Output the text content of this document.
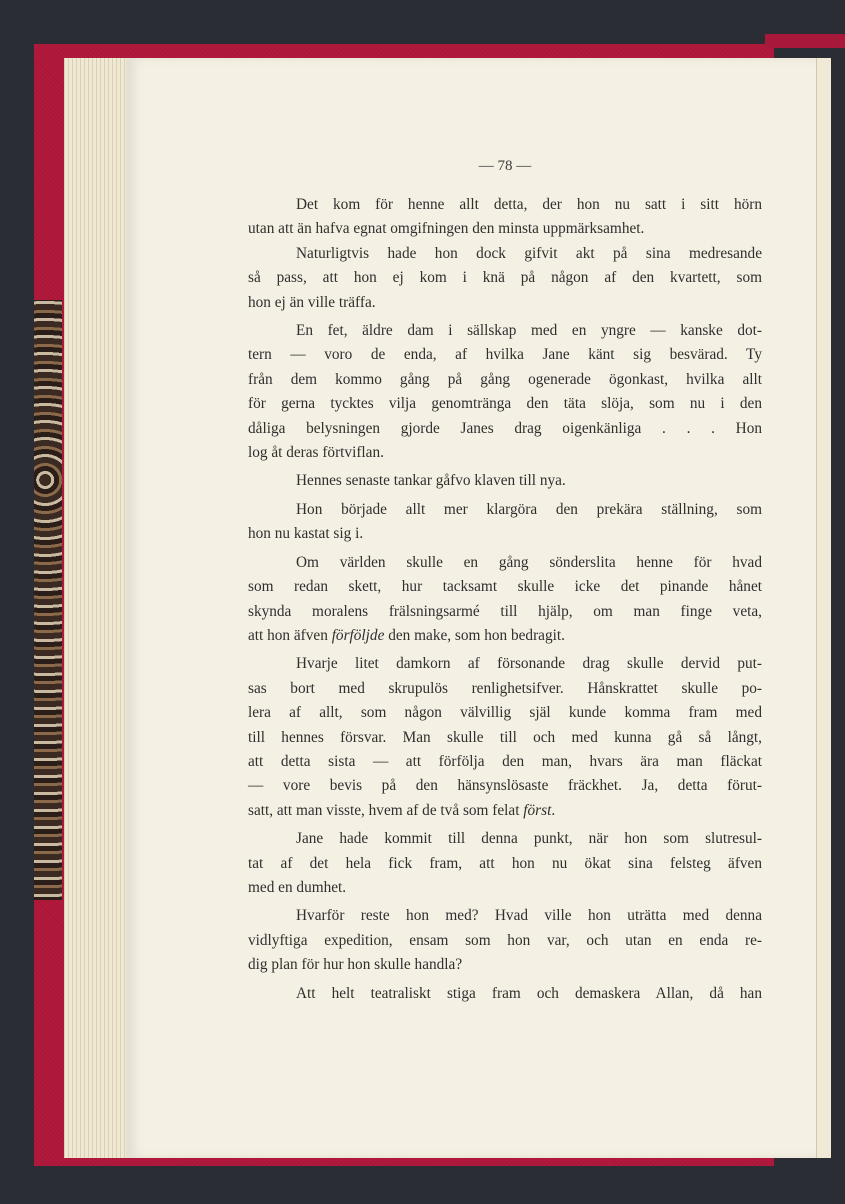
— 78 —
Det kom för henne allt detta, der hon nu satt i sitt hörn
utan att än hafva egnat omgifningen den minsta uppmärksamhet.
Naturligtvis hade hon dock gifvit akt på sina medresande
så pass, att hon ej kom i knä på någon af den kvartett, som
hon ej än ville träffa.
En fet, äldre dam i sällskap med en yngre — kanske dot-
tern — voro de enda, af hvilka Jane känt sig besvärad. Ty
från dem kommo gång på gång ogenerade ögonkast, hvilka allt
för gerna tycktes vilja genomtränga den täta slöja, som nu i den
dåliga belysningen gjorde Janes drag oigenkänliga . . . Hon
log åt deras förtviflan.
Hennes senaste tankar gåfvo klaven till nya.
Hon började allt mer klargöra den prekära ställning, som
hon nu kastat sig i.
Om världen skulle en gång sönderslita henne för hvad
som redan skett, hur tacksamt skulle icke det pinande hånet
skynda moralens frälsningsarmé till hjälp, om man finge veta,
att hon äfven förföljde den make, som hon bedragit.
Hvarje litet damkorn af försonande drag skulle dervid put-
sas bort med skrupulös renlighetsifver. Hånskrattet skulle po-
lera af allt, som någon välvillig själ kunde komma fram med
till hennes försvar. Man skulle till och med kunna gå så långt,
att detta sista — att förfölja den man, hvars ära man fläckat
— vore bevis på den hänsynslösaste fräckhet. Ja, detta förut-
satt, att man visste, hvem af de två som felat först.
Jane hade kommit till denna punkt, när hon som slutresul-
tat af det hela fick fram, att hon nu ökat sina felsteg äfven
med en dumhet.
Hvarför reste hon med? Hvad ville hon uträtta med denna
vidlyftiga expedition, ensam som hon var, och utan en enda re-
dig plan för hur hon skulle handla?
Att helt teatraliskt stiga fram och demaskera Allan, då han
